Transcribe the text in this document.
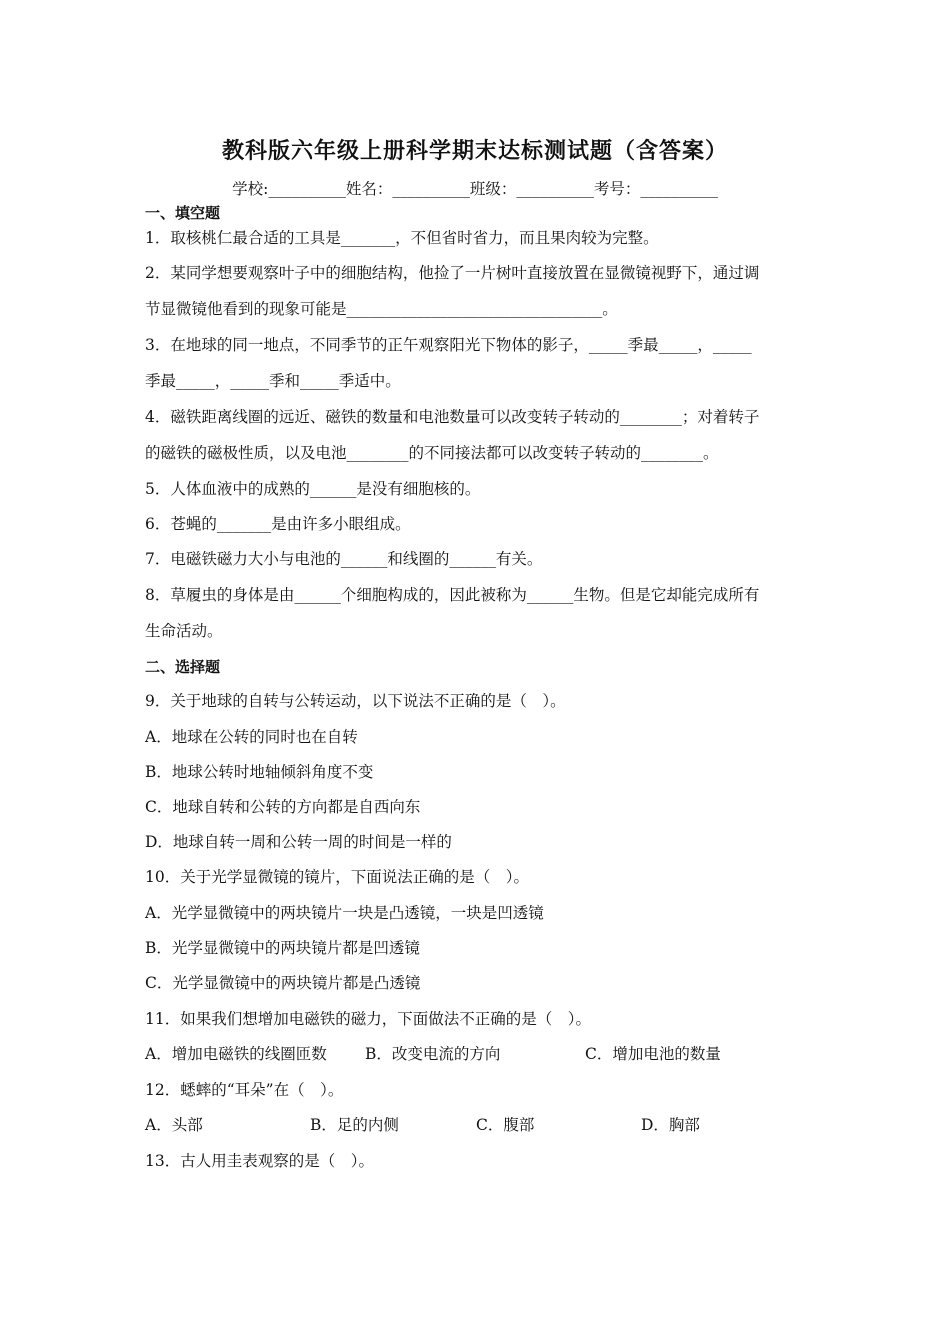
教科版六年级上册科学期末达标测试题（含答案）
学校:__________姓名：__________班级：__________考号：__________
一、填空题
1．取核桃仁最合适的工具是_______，不但省时省力，而且果肉较为完整。
2．某同学想要观察叶子中的细胞结构，他捡了一片树叶直接放置在显微镜视野下，通过调
节显微镜他看到的现象可能是_________________________________。
3．在地球的同一地点，不同季节的正午观察阳光下物体的影子，_____季最_____，_____
季最_____，_____季和_____季适中。
4．磁铁距离线圈的远近、磁铁的数量和电池数量可以改变转子转动的________；对着转子
的磁铁的磁极性质，以及电池________的不同接法都可以改变转子转动的________。
5．人体血液中的成熟的______是没有细胞核的。
6．苍蝇的_______是由许多小眼组成。
7．电磁铁磁力大小与电池的______和线圈的______有关。
8．草履虫的身体是由______个细胞构成的，因此被称为______生物。但是它却能完成所有
生命活动。
二、选择题
9．关于地球的自转与公转运动，以下说法不正确的是（　）。
A．地球在公转的同时也在自转
B．地球公转时地轴倾斜角度不变
C．地球自转和公转的方向都是自西向东
D．地球自转一周和公转一周的时间是一样的
10．关于光学显微镜的镜片，下面说法正确的是（　）。
A．光学显微镜中的两块镜片一块是凸透镜，一块是凹透镜
B．光学显微镜中的两块镜片都是凹透镜
C．光学显微镜中的两块镜片都是凸透镜
11．如果我们想增加电磁铁的磁力，下面做法不正确的是（　）。
A．增加电磁铁的线圈匝数 B．改变电流的方向	C．增加电池的数量
12．蟋蟀的“耳朵”在（　）。
A．头部	B．足的内侧	C．腹部	D．胸部
13．古人用圭表观察的是（　）。
